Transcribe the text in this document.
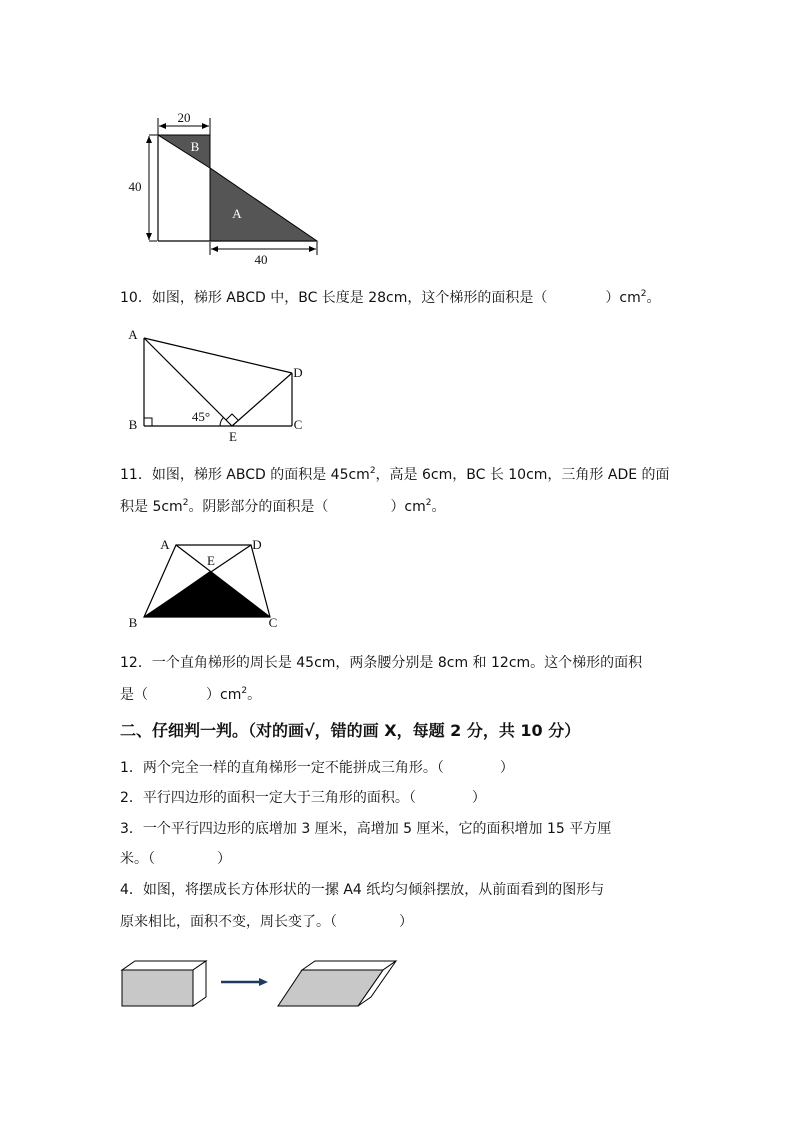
20
40
B
A
40
10．如图，梯形 ABCD 中，BC 长度是 28cm，这个梯形的面积是（	）$cm^2$。
A
B	C
D
E
45°
11．如图，梯形 ABCD 的面积是 $45cm^2$，高是 6cm，BC 长 10cm，三角形 ADE 的面
积是 $5cm^2$。阴影部分的面积是（	）$cm^2$。
A	D
E
B	C
12．一个直角梯形的周长是 45cm，两条腰分别是 8cm 和 12cm。这个梯形的面积
是（	）$cm^2$。
二、仔细判一判。（对的画√，错的画 X，每题 2 分，共 10 分）
1．两个完全一样的直角梯形一定不能拼成三角形。（	）
2．平行四边形的面积一定大于三角形的面积。（	）
3．一个平行四边形的底增加 3 厘米，高增加 5 厘米，它的面积增加 15 平方厘
米。（	）
4．如图，将摆成长方体形状的一摞 A4 纸均匀倾斜摆放，从前面看到的图形与
原来相比，面积不变，周长变了。（	）
